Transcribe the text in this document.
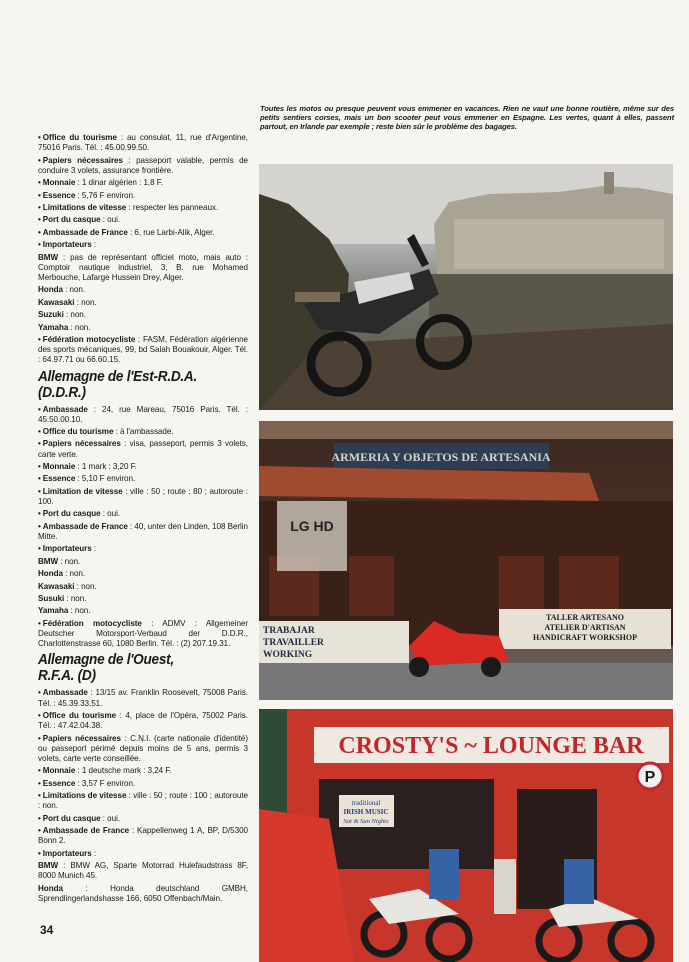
• Office du tourisme : au consulat, 11, rue d'Argentine, 75016 Paris. Tél. : 45.00.99.50.

• Papiers nécessaires : passeport valable, permis de conduire 3 volets, assurance frontière.

• Monnaie : 1 dinar algérien : 1,8 F.

• Essence : 5,76 F environ.

• Limitations de vitesse : respecter les panneaux.

• Port du casque : oui.

• Ambassade de France : 6, rue Larbi-Alik, Alger.

• Importateurs :

BMW : pas de représentant officiel moto, mais auto : Comptoir nautique industriel, 3, B. rue Mohamed Merbouche, Lafarge Hussein Drey, Alger.

Honda : non.

Kawasaki : non.

Suzuki : non.

Yamaha : non.

• Fédération motocycliste : FASM, Fédération algérienne des sports mécaniques, 99, bd Salah Bouakouir, Alger. Tél. : 64.97.71 ou 66.60.15.

Allemagne de l'Est-R.D.A.
(D.D.R.)

• Ambassade : 24, rue Mareau, 75016 Paris. Tél. : 45.50.00.10.

• Office du tourisme : à l'ambassade.

• Papiers nécessaires : visa, passeport, permis 3 volets, carte verte.

• Monnaie : 1 mark : 3,20 F.

• Essence : 5,10 F environ.

• Limitation de vitesse : ville : 50 ; route : 80 ; autoroute : 100.

• Port du casque : oui.

• Ambassade de France : 40, unter den Linden, 108 Berlin Mitte.

• Importateurs :

BMW : non.

Honda : non.

Kawasaki : non.

Susuki : non.

Yamaha : non.

• Fédération motocycliste : ADMV : Allgemeiner Deutscher Motorsport-Verbaud der D.D.R., Charlottenstrasse 60, 1080 Berlin. Tél. : (2) 207.19.31.

Allemagne de l'Ouest,
R.F.A. (D)

• Ambassade : 13/15 av. Franklin Roosevelt, 75008 Paris. Tél. : 45.39.33.51.

• Office du tourisme : 4, place de l'Opéra, 75002 Paris. Tél. : 47.42.04.38.

• Papiers nécessaires : C.N.I. (carte nationale d'identité) ou passeport périmé depuis moins de 5 ans, permis 3 volets, carte verte conseillée.

• Monnaie : 1 deutsche mark : 3,24 F.

• Essence : 3,57 F environ.

• Limitations de vitesse : ville : 50 ; route : 100 ; autoroute : non.

• Port du casque : oui.

• Ambassade de France : Kappellenweg 1 A, BP, D/5300 Bonn 2.

• Importateurs :

BMW : BMW AG, Sparte Motorrad Hulefaudstrass 8F, 8000 Munich 45.

Honda : Honda deutschland GMBH, Sprendlingerlandshasse 166, 6050 Offenbach/Main.

34
Toutes les motos ou presque peuvent vous emmener en vacances. Rien ne vaut une bonne routière, même sur des petits sentiers corses, mais un bon scooter peut vous emmener en Espagne. Les vertes, quant à elles, passent partout, en Irlande par exemple ; reste bien sûr le problème des bagages.
ARMERIA Y OBJETOS DE ARTESANIA
TRABAJAR
TRAVAILLER
WORKING
TALLER ARTESANO
ATELIER D'ARTISAN
HANDICRAFT WORKSHOP
LG HD
CROSTY'S ~ LOUNGE BAR
P
traditional
IRISH MUSIC
Sat & Sun Nights
